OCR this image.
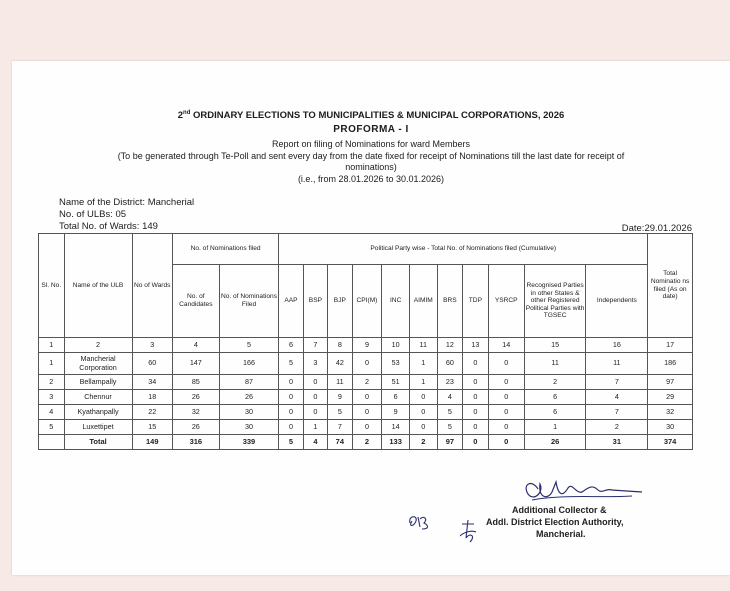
2nd ORDINARY ELECTIONS TO MUNICIPALITIES & MUNICIPAL CORPORATIONS, 2026
PROFORMA - I
Report on filing of Nominations for ward Members
(To be generated through Te-Poll and sent every day from the date fixed for receipt of Nominations till the last date for receipt of
nominations)
(i.e., from 28.01.2026 to 30.01.2026)
Name of the District: Mancherial
No. of ULBs: 05
Total No. of Wards: 149	Date:29.01.2026
Sl. No.	Name of the ULB	No of Wards	No. of Nominations filed		Political Party wise - Total No. of Nominations filed (Cumulative)											Total Nominatio ns filed (As on date)
			No. of Candidates	No. of Nominations Filed	AAP	BSP	BJP	CPI(M)	INC	AIMIM	BRS	TDP	YSRCP	Recognised Parties in other States & other Registered Political Parties with TGSEC	Independents	
1	2	3	4	5	6	7	8	9	10	11	12	13	14	15	16	17
1	Mancherial Corporation	60	147	166	5	3	42	0	53	1	60	0	0	11	11	186
2	Bellampally	34	85	87	0	0	11	2	51	1	23	0	0	2	7	97
3	Chennur	18	26	26	0	0	9	0	6	0	4	0	0	6	4	29
4	Kyathanpally	22	32	30	0	0	5	0	9	0	5	0	0	6	7	32
5	Luxettipet	15	26	30	0	1	7	0	14	0	5	0	0	1	2	30
	Total	149	316	339	5	4	74	2	133	2	97	0	0	26	31	374
Additional Collector &
Addl. District Election Authority,
Mancherial.
